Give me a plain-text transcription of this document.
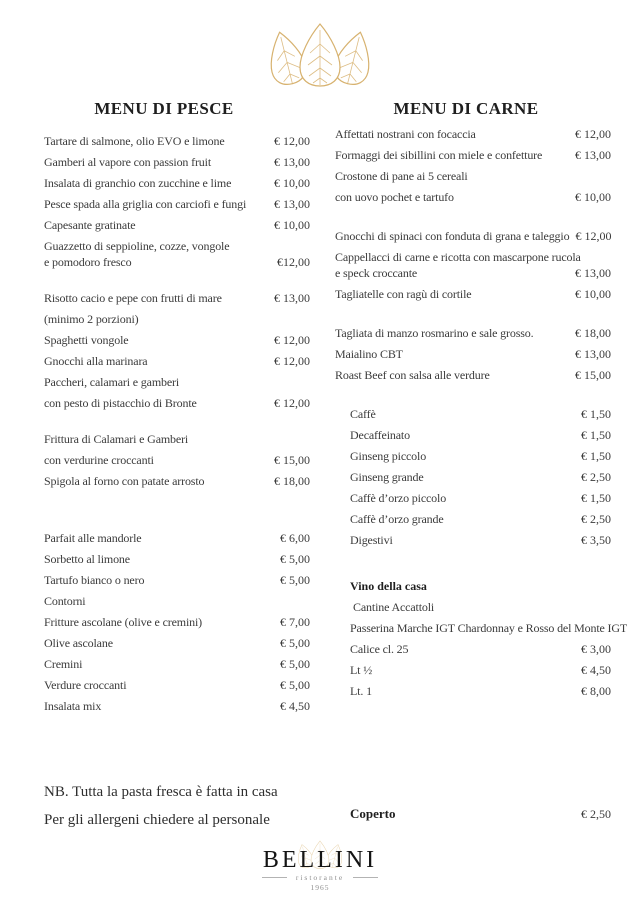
MENU DI PESCE
Tartare di salmone, olio EVO e limone	€ 12,00
Gamberi al vapore con passion fruit	€ 13,00
Insalata di granchio con zucchine e lime	€ 10,00
Pesce spada alla griglia con carciofi e fungi	€ 13,00
Capesante gratinate	€ 10,00
Guazzetto di seppioline, cozze, vongole
e pomodoro fresco	€12,00
Risotto cacio e pepe con frutti di mare	€ 13,00
(minimo 2 porzioni)
Spaghetti vongole	€ 12,00
Gnocchi alla marinara	€ 12,00
Paccheri, calamari e gamberi
con pesto di pistacchio di Bronte	€ 12,00
Frittura di Calamari e Gamberi
con verdurine croccanti	€ 15,00
Spigola al forno con patate arrosto	€ 18,00
Parfait alle mandorle	€ 6,00
Sorbetto al limone	€ 5,00
Tartufo bianco o nero	€ 5,00
Contorni
Fritture ascolane (olive e cremini)	€ 7,00
Olive ascolane	€ 5,00
Cremini	€ 5,00
Verdure croccanti	€ 5,00
Insalata mix	€ 4,50
MENU DI CARNE
Affettati nostrani con focaccia	€ 12,00
Formaggi dei sibillini con miele e confetture	€ 13,00
Crostone di pane ai 5 cereali
con uovo pochet e tartufo	€ 10,00
Gnocchi di spinaci con fonduta di grana e taleggio € 12,00
Cappellacci di carne e ricotta con mascarpone rucola
e speck croccante	€ 13,00
Tagliatelle con ragù di cortile	€ 10,00
Tagliata di manzo rosmarino e sale grosso.	€ 18,00
Maialino CBT	€ 13,00
Roast Beef con salsa alle verdure	€ 15,00
Caffè	€ 1,50
Decaffeinato	€ 1,50
Ginseng piccolo	€ 1,50
Ginseng grande	€ 2,50
Caffè d’orzo piccolo	€ 1,50
Caffè d’orzo grande	€ 2,50
Digestivi	€ 3,50
Vino della casa
Cantine Accattoli
Passerina Marche IGT Chardonnay e Rosso del Monte IGT
Calice cl. 25	€ 3,00
Lt ½	€ 4,50
Lt. 1	€ 8,00
NB. Tutta la pasta fresca è fatta in casa
Per gli allergeni chiedere al personale	Coperto	€ 2,50
BELLINI
ristorante
1965
